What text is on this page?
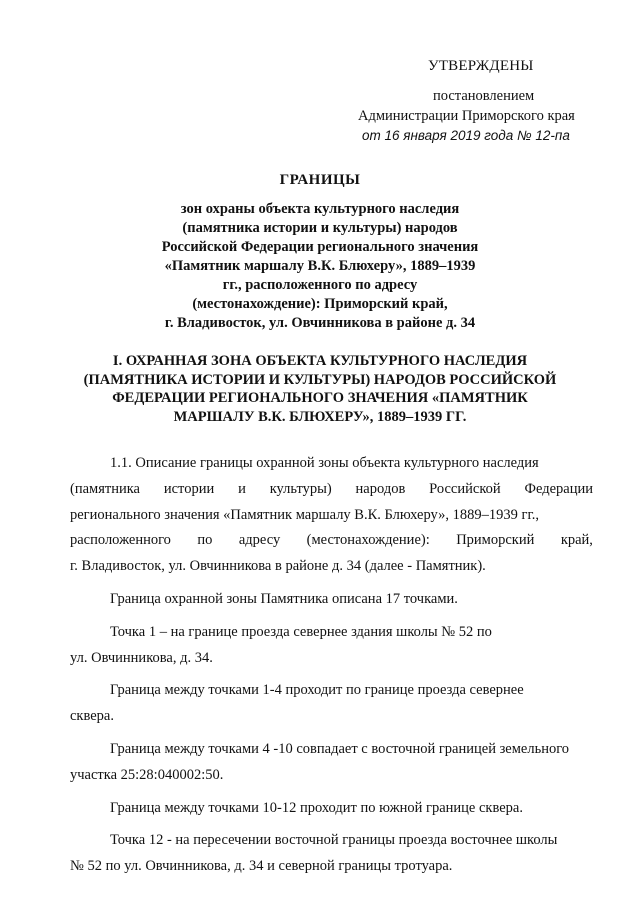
УТВЕРЖДЕНЫ
постановлением
Администрации Приморского края
от 16 января 2019 года № 12-па
ГРАНИЦЫ
зон охраны объекта культурного наследия
(памятника истории и культуры) народов
Российской Федерации регионального значения
«Памятник маршалу В.К. Блюхеру», 1889–1939
гг., расположенного по адресу
(местонахождение): Приморский край,
г. Владивосток, ул. Овчинникова в районе д. 34
I. ОХРАННАЯ ЗОНА ОБЪЕКТА КУЛЬТУРНОГО НАСЛЕДИЯ
(ПАМЯТНИКА ИСТОРИИ И КУЛЬТУРЫ) НАРОДОВ РОССИЙСКОЙ
ФЕДЕРАЦИИ РЕГИОНАЛЬНОГО ЗНАЧЕНИЯ «ПАМЯТНИК
МАРШАЛУ В.К. БЛЮХЕРУ», 1889–1939 ГГ.
1.1. Описание границы охранной зоны объекта культурного наследия
(памятника истории и культуры) народов Российской Федерации
регионального значения «Памятник маршалу В.К. Блюхеру», 1889–1939 гг.,
расположенного по адресу (местонахождение): Приморский край,
г. Владивосток, ул. Овчинникова в районе д. 34 (далее - Памятник).
Граница охранной зоны Памятника описана 17 точками.
Точка 1 – на границе проезда севернее здания школы № 52 по
ул. Овчинникова, д. 34.
Граница между точками 1-4 проходит по границе проезда севернее
сквера.
Граница между точками 4 -10 совпадает с восточной границей земельного
участка 25:28:040002:50.
Граница между точками 10-12 проходит по южной границе сквера.
Точка 12 - на пересечении восточной границы проезда восточнее школы
№ 52 по ул. Овчинникова, д. 34 и северной границы тротуара.
